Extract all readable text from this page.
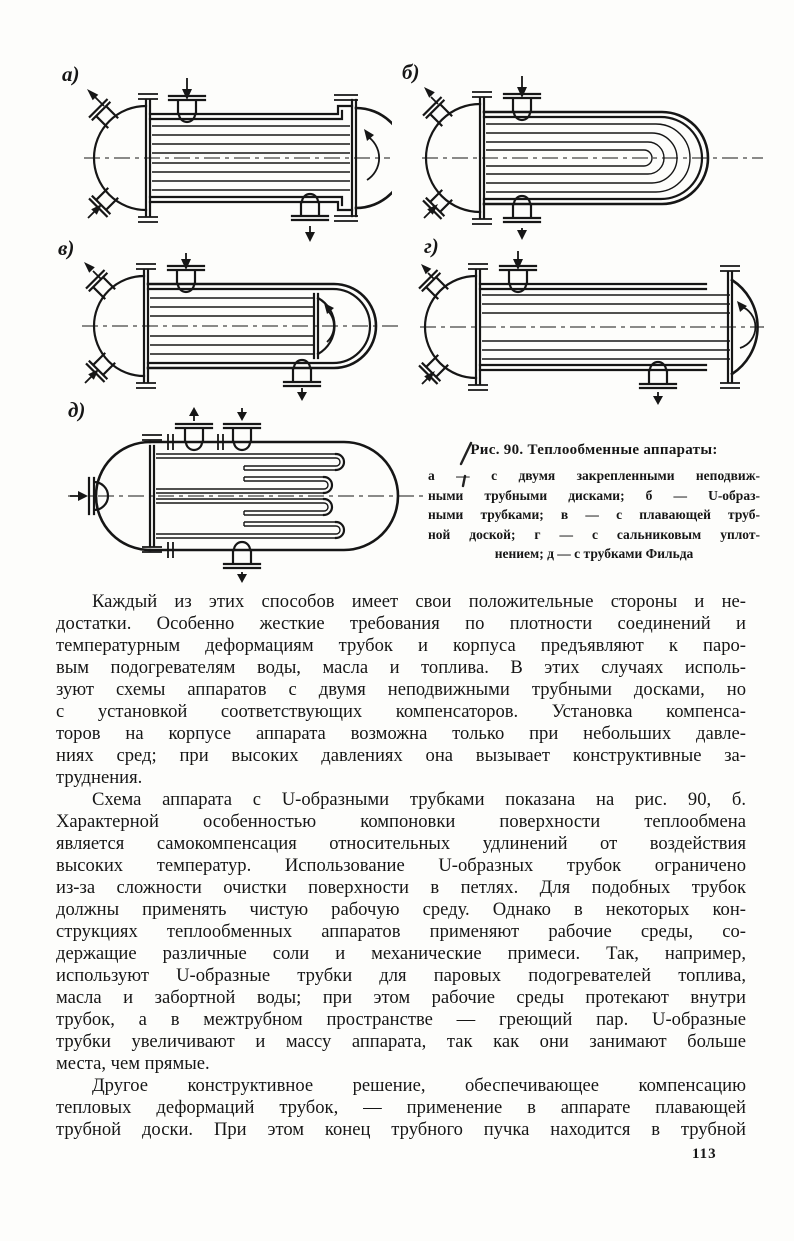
а)	б)
в)	г)
д)
Рис. 90. Теплообменные аппараты:
а — с двумя закрепленными неподвиж-
ными трубными дисками; б — U-образ-
ными трубками; в — с плавающей труб-
ной доской; г — с сальниковым уплот-
нением; д — с трубками Фильда
Каждый из этих способов имеет свои положительные стороны и не-
достатки. Особенно жесткие требования по плотности соединений и
температурным деформациям трубок и корпуса предъявляют к паро-
вым подогревателям воды, масла и топлива. В этих случаях исполь-
зуют схемы аппаратов с двумя неподвижными трубными досками, но
с установкой соответствующих компенсаторов. Установка компенса-
торов на корпусе аппарата возможна только при небольших давле-
ниях сред; при высоких давлениях она вызывает конструктивные за-
труднения.
Схема аппарата с U-образными трубками показана на рис. 90, б.
Характерной особенностью компоновки поверхности теплообмена
является самокомпенсация относительных удлинений от воздействия
высоких температур. Использование U-образных трубок ограничено
из-за сложности очистки поверхности в петлях. Для подобных трубок
должны применять чистую рабочую среду. Однако в некоторых кон-
струкциях теплообменных аппаратов применяют рабочие среды, со-
держащие различные соли и механические примеси. Так, например,
используют U-образные трубки для паровых подогревателей топлива,
масла и забортной воды; при этом рабочие среды протекают внутри
трубок, а в межтрубном пространстве — греющий пар. U-образные
трубки увеличивают и массу аппарата, так как они занимают больше
места, чем прямые.
Другое конструктивное решение, обеспечивающее компенсацию
тепловых деформаций трубок, — применение в аппарате плавающей
трубной доски. При этом конец трубного пучка находится в трубной
113
